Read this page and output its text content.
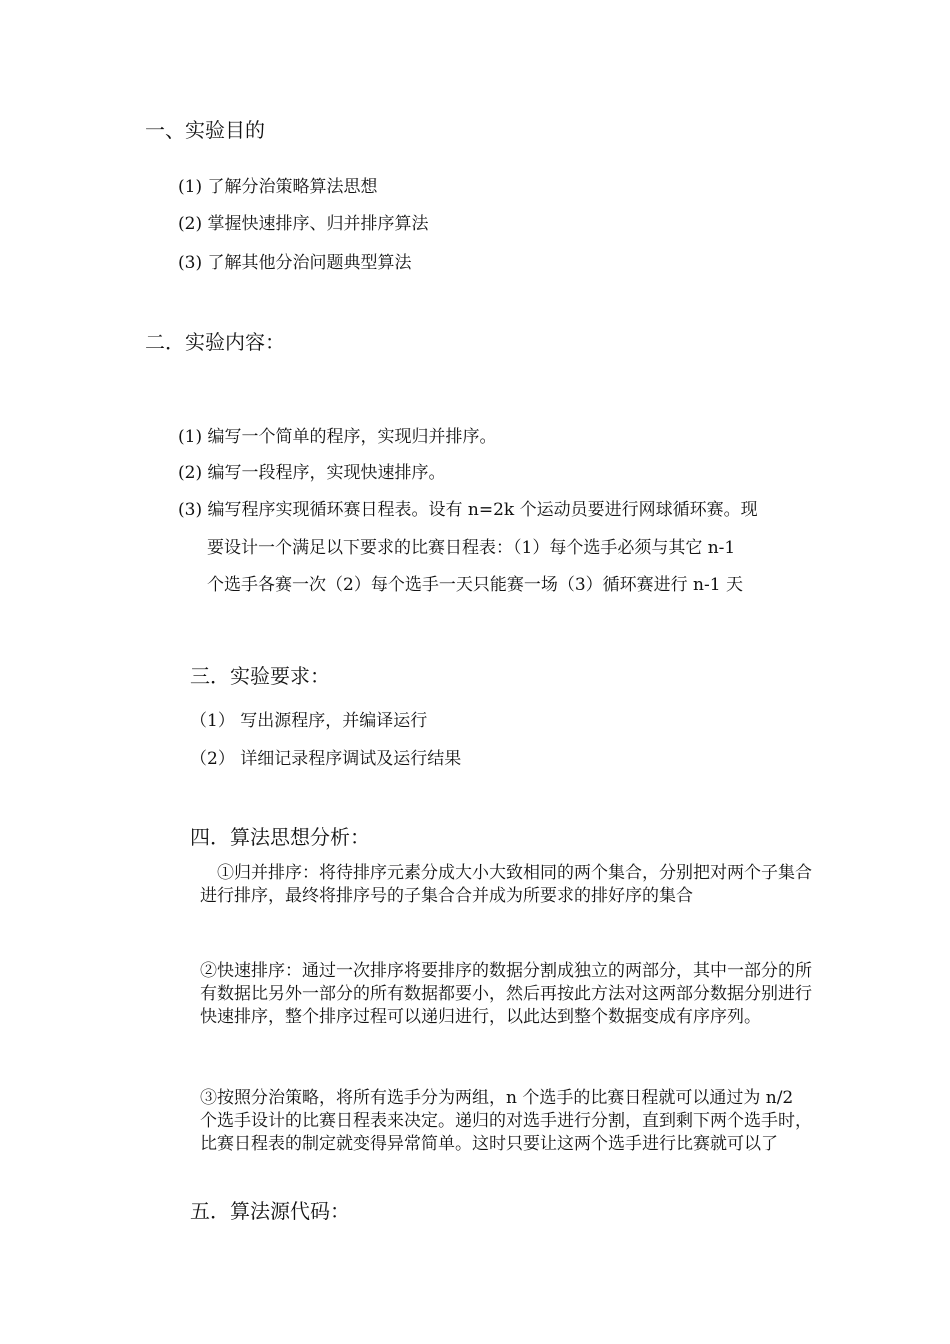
一、实验目的
(1) 了解分治策略算法思想
(2) 掌握快速排序、归并排序算法
(3) 了解其他分治问题典型算法
二．实验内容：
(1) 编写一个简单的程序，实现归并排序。
(2) 编写一段程序，实现快速排序。
(3) 编写程序实现循环赛日程表。设有 n=2k 个运动员要进行网球循环赛。现
要设计一个满足以下要求的比赛日程表：（1）每个选手必须与其它 n-1
个选手各赛一次（2）每个选手一天只能赛一场（3）循环赛进行 n-1 天
三．实验要求：
（1） 写出源程序，并编译运行
（2） 详细记录程序调试及运行结果
四．算法思想分析：
　①归并排序：将待排序元素分成大小大致相同的两个集合，分别把对两个子集合进行排序，最终将排序号的子集合合并成为所要求的排好序的集合
②快速排序：通过一次排序将要排序的数据分割成独立的两部分，其中一部分的所有数据比另外一部分的所有数据都要小，然后再按此方法对这两部分数据分别进行快速排序，整个排序过程可以递归进行，以此达到整个数据变成有序序列。
③按照分治策略，将所有选手分为两组，n 个选手的比赛日程就可以通过为 n/2 个选手设计的比赛日程表来决定。递归的对选手进行分割，直到剩下两个选手时，比赛日程表的制定就变得异常简单。这时只要让这两个选手进行比赛就可以了
五．算法源代码：
